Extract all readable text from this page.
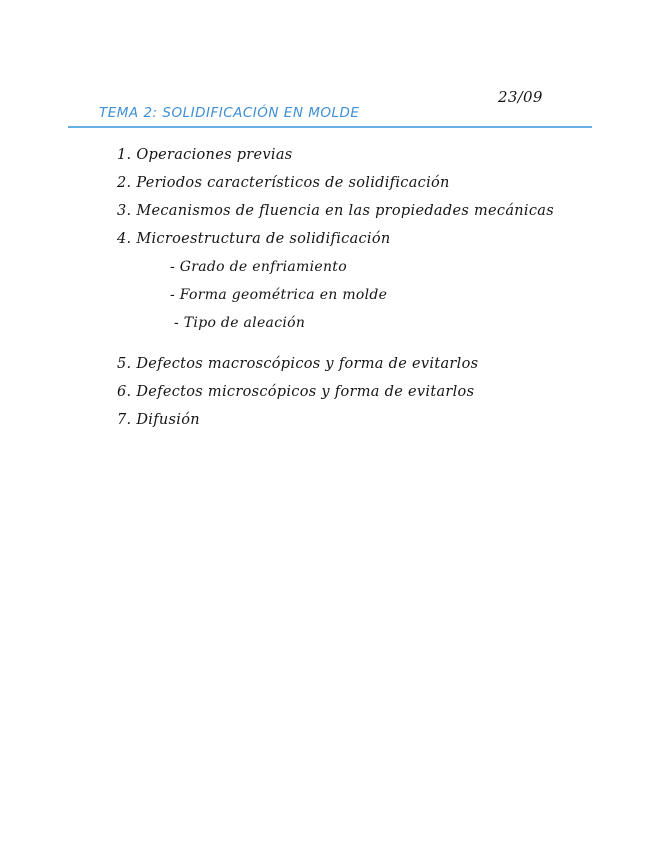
23/09
TEMA 2: SOLIDIFICACIÓN EN MOLDE
1. Operaciones previas
2. Periodos característicos de solidificación
3. Mecanismos de fluencia en las propiedades mecánicas
4. Microestructura de solidificación
- Grado de enfriamiento
- Forma geométrica en molde
- Tipo de aleación
5. Defectos macroscópicos y forma de evitarlos
6. Defectos microscópicos y forma de evitarlos
7. Difusión
